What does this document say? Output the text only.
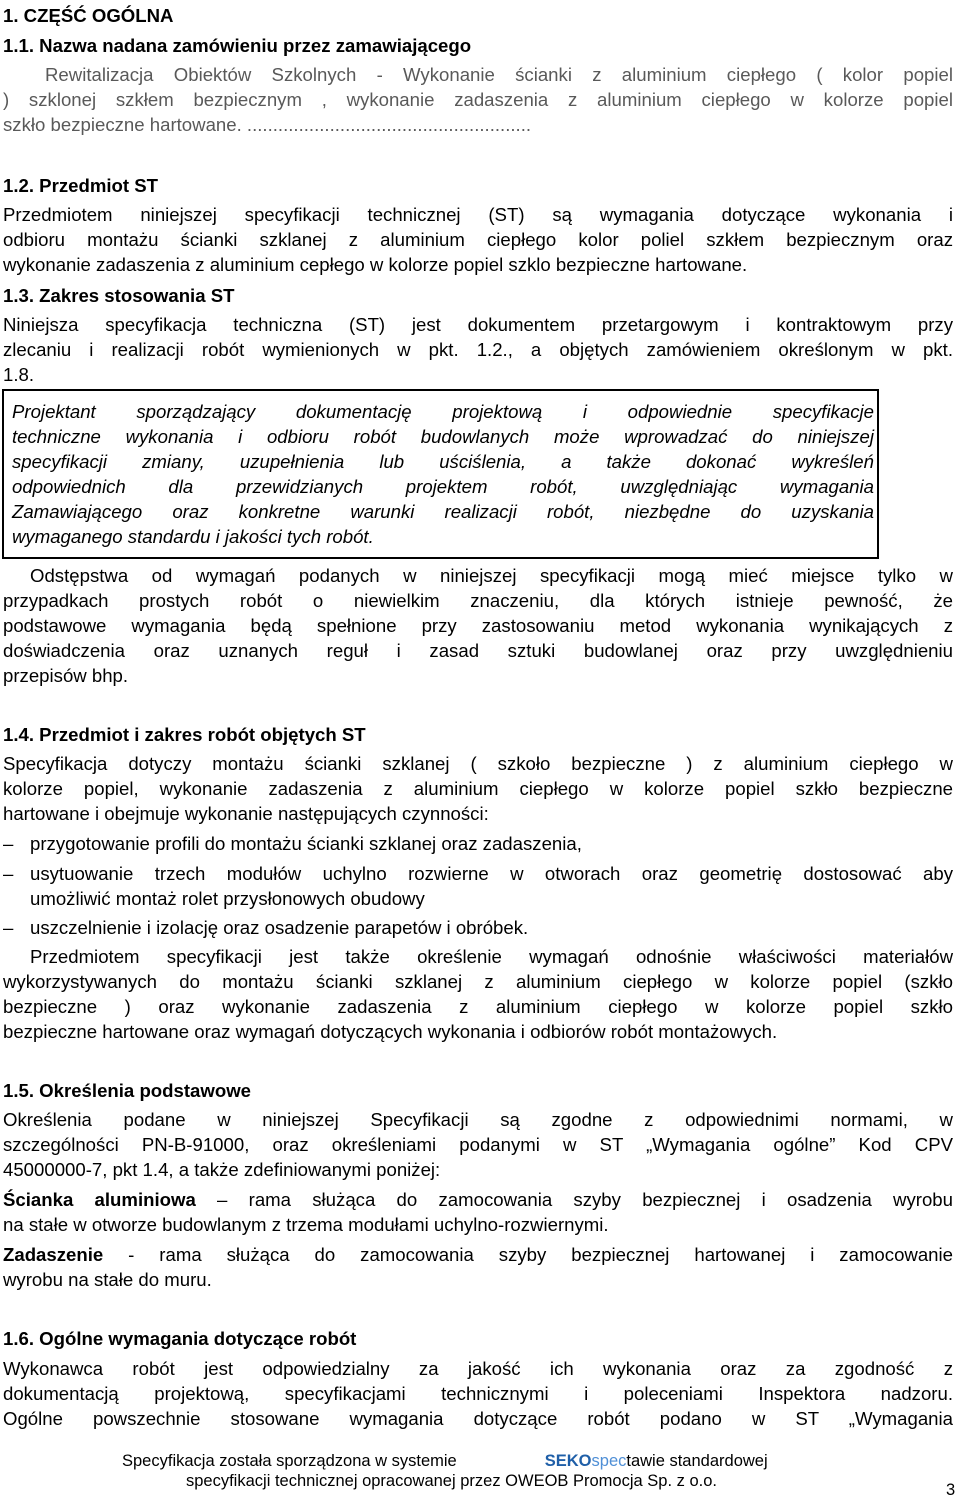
1. CZĘŚĆ OGÓLNA
1.1. Nazwa nadana zamówieniu przez zamawiającego
Rewitalizacja Obiektów Szkolnych - Wykonanie ścianki z aluminium ciepłego ( kolor popiel
) szklonej szkłem bezpiecznym , wykonanie zadaszenia z aluminium ciepłego w kolorze popiel
szkło bezpieczne hartowane. .......................................................
1.2. Przedmiot ST
Przedmiotem niniejszej specyfikacji technicznej (ST) są wymagania dotyczące wykonania i
odbioru montażu ścianki szklanej z aluminium ciepłego kolor poliel szkłem bezpiecznym oraz
wykonanie zadaszenia z aluminium cepłego w kolorze popiel szklo bezpieczne hartowane.
1.3. Zakres stosowania ST
Niniejsza specyfikacja techniczna (ST) jest dokumentem przetargowym i kontraktowym przy
zlecaniu i realizacji robót wymienionych w pkt. 1.2., a objętych zamówieniem określonym w pkt.
1.8.
Projektant sporządzający dokumentację projektową i odpowiednie specyfikacje
techniczne wykonania i odbioru robót budowlanych może wprowadzać do niniejszej
specyfikacji zmiany, uzupełnienia lub uściślenia, a także dokonać wykreśleń
odpowiednich dla przewidzianych projektem robót, uwzględniając wymagania
Zamawiającego oraz konkretne warunki realizacji robót, niezbędne do uzyskania
wymaganego standardu i jakości tych robót.
Odstępstwa od wymagań podanych w niniejszej specyfikacji mogą mieć miejsce tylko w
przypadkach prostych robót o niewielkim znaczeniu, dla których istnieje pewność, że
podstawowe wymagania będą spełnione przy zastosowaniu metod wykonania wynikających z
doświadczenia oraz uznanych reguł i zasad sztuki budowlanej oraz przy uwzględnieniu
przepisów bhp.
1.4. Przedmiot i zakres robót objętych ST
Specyfikacja dotyczy montażu ścianki szklanej ( szkoło bezpieczne ) z aluminium ciepłego w
kolorze popiel, wykonanie zadaszenia z aluminium ciepłego w kolorze popiel szkło bezpieczne
hartowane i obejmuje wykonanie następujących czynności:
– przygotowanie profili do montażu ścianki szklanej oraz zadaszenia,
– usytuowanie trzech modułów uchylno rozwierne w otworach oraz geometrię dostosować aby
umożliwić montaż rolet przysłonowych obudowy
– uszczelnienie i izolację oraz osadzenie parapetów i obróbek.
Przedmiotem specyfikacji jest także określenie wymagań odnośnie właściwości materiałów
wykorzystywanych do montażu ścianki szklanej z aluminium ciepłego w kolorze popiel (szkło
bezpieczne ) oraz wykonanie zadaszenia z aluminium ciepłego w kolorze popiel szkło
bezpieczne hartowane oraz wymagań dotyczących wykonania i odbiorów robót montażowych.
1.5. Określenia podstawowe
Określenia podane w niniejszej Specyfikacji są zgodne z odpowiednimi normami, w
szczególności PN-B-91000, oraz określeniami podanymi w ST „Wymagania ogólne” Kod CPV
45000000-7, pkt 1.4, a także zdefiniowanymi poniżej:
Ścianka aluminiowa – rama służąca do zamocowania szyby bezpiecznej i osadzenia wyrobu
na stałe w otworze budowlanym z trzema modułami uchylno-rozwiernymi.
Zadaszenie - rama służąca do zamocowania szyby bezpiecznej hartowanej i zamocowanie
wyrobu na stałe do muru.
1.6. Ogólne wymagania dotyczące robót
Wykonawca robót jest odpowiedzialny za jakość ich wykonania oraz za zgodność z
dokumentacją projektową, specyfikacjami technicznymi i poleceniami Inspektora nadzoru.
Ogólne powszechnie stosowane wymagania dotyczące robót podano w ST „Wymagania
Specyfikacja została sporządzona w systemie	SEKOspectawie standardowej
specyfikacji technicznej opracowanej przez OWEOB Promocja Sp. z o.o.	3
